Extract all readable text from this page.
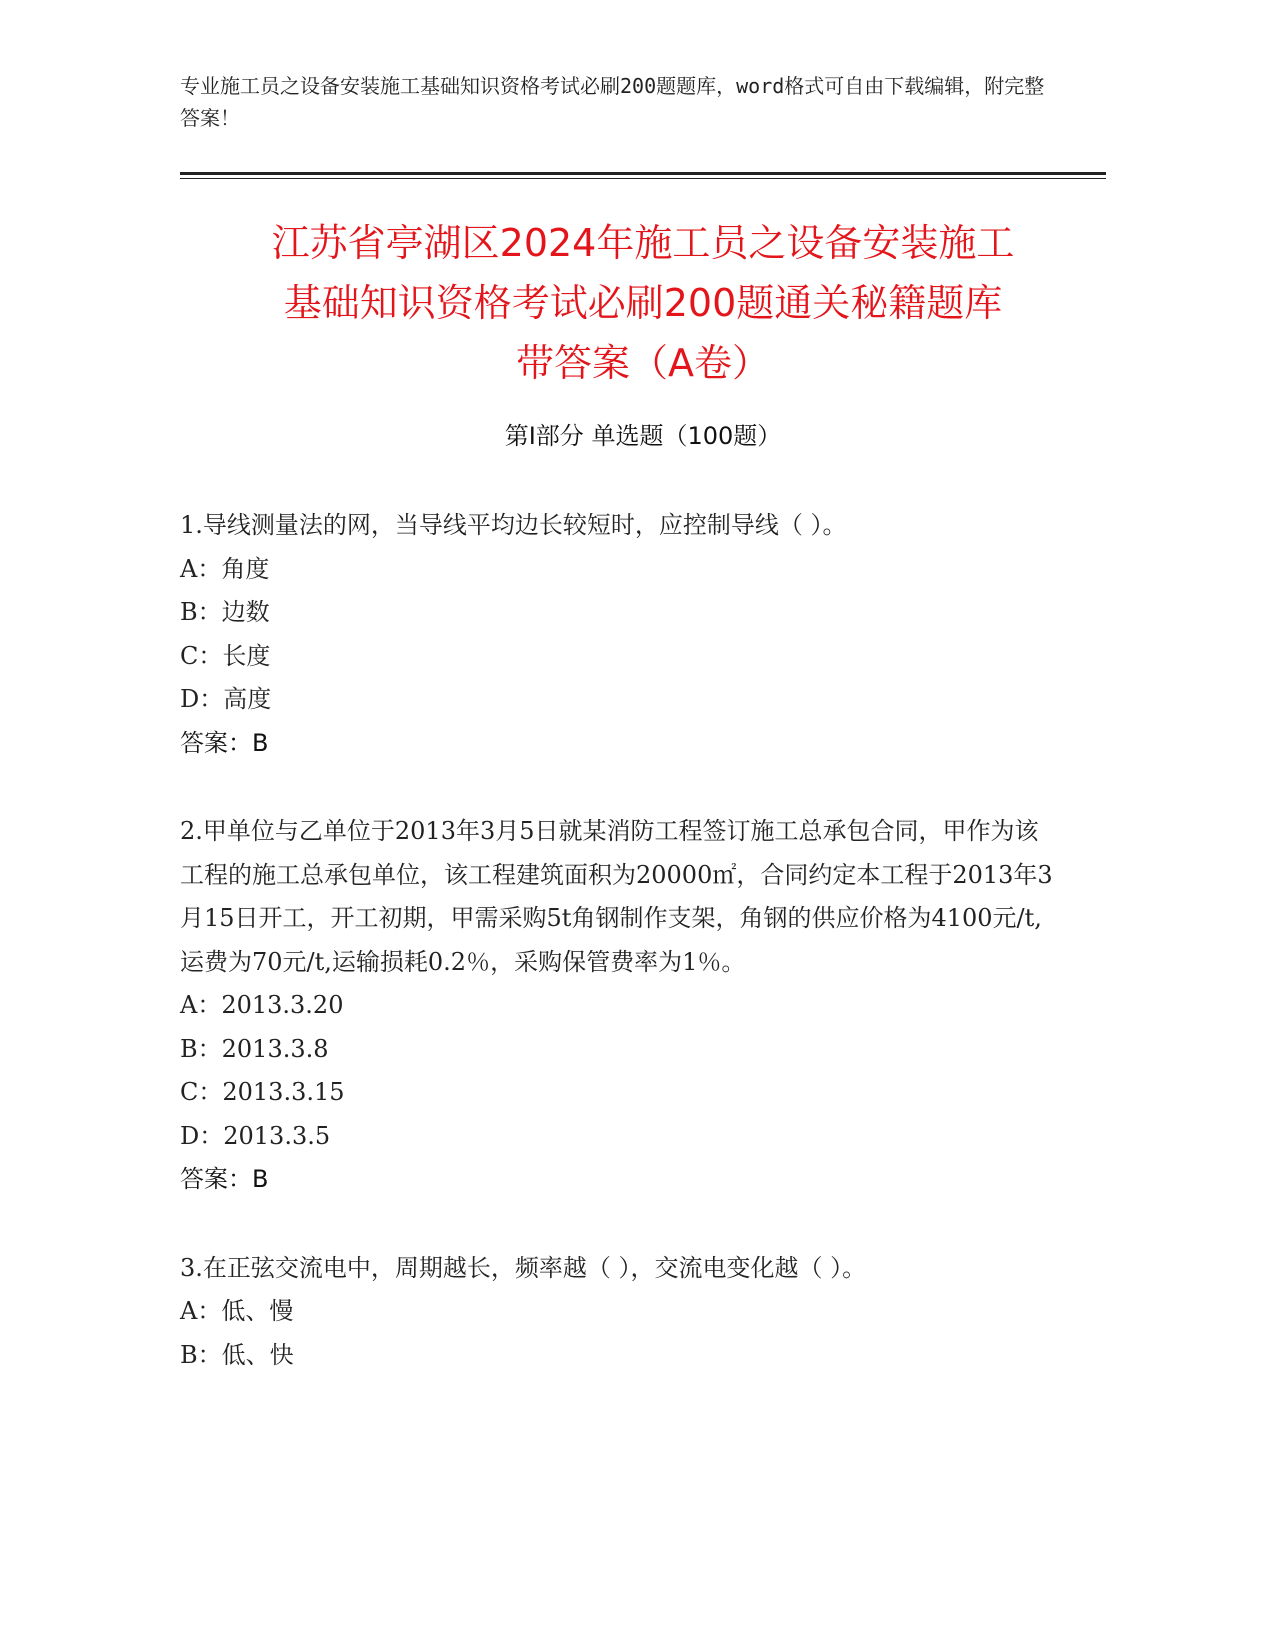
专业施工员之设备安装施工基础知识资格考试必刷200题题库，word格式可自由下载编辑，附完整答案！
江苏省亭湖区2024年施工员之设备安装施工
基础知识资格考试必刷200题通关秘籍题库
带答案（A卷）
第Ⅰ部分 单选题（100题）

1.导线测量法的网，当导线平均边长较短时，应控制导线（ ）。

A：角度

B：边数

C：长度

D：高度

答案：B

2.甲单位与乙单位于2013年3月5日就某消防工程签订施工总承包合同，甲作为该工程的施工总承包单位，该工程建筑面积为20000㎡，合同约定本工程于2013年3月15日开工，开工初期，甲需采购5t角钢制作支架，角钢的供应价格为4100元/t,运费为70元/t,运输损耗0.2％，采购保管费率为1％。

A：2013.3.20

B：2013.3.8

C：2013.3.15

D：2013.3.5

答案：B

3.在正弦交流电中，周期越长，频率越（ ），交流电变化越（ ）。

A：低、慢

B：低、快
